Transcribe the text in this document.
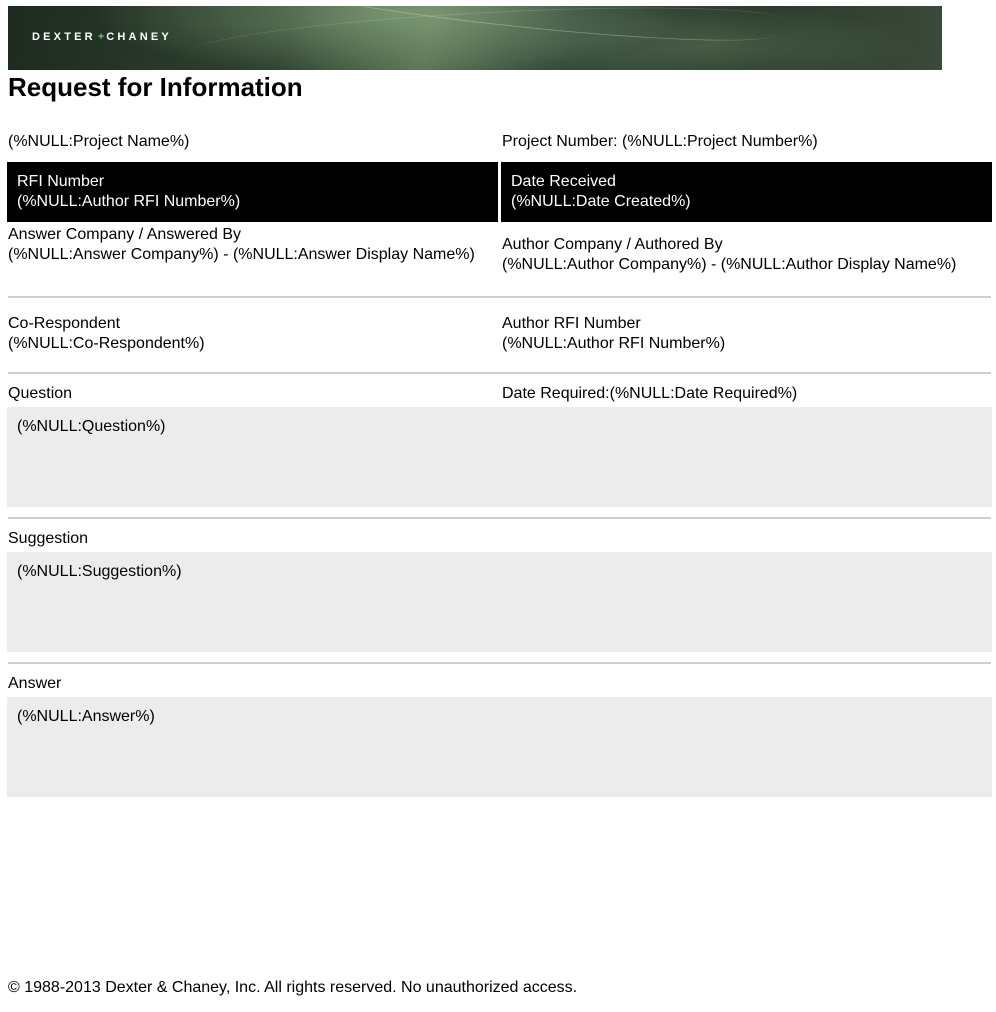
DEXTER + CHANEY
Request for Information
(%NULL:Project Name%)	Project Number: (%NULL:Project Number%)
RFI Number
(%NULL:Author RFI Number%)
Date Received
(%NULL:Date Created%)
Answer Company / Answered By
(%NULL:Answer Company%) - (%NULL:Answer Display Name%)
Author Company / Authored By
(%NULL:Author Company%) - (%NULL:Author Display Name%)
Co-Respondent
(%NULL:Co-Respondent%)
Author RFI Number
(%NULL:Author RFI Number%)
Question	Date Required:(%NULL:Date Required%)
(%NULL:Question%)
Suggestion
(%NULL:Suggestion%)
Answer
(%NULL:Answer%)
© 1988-2013 Dexter & Chaney, Inc. All rights reserved. No unauthorized access.
